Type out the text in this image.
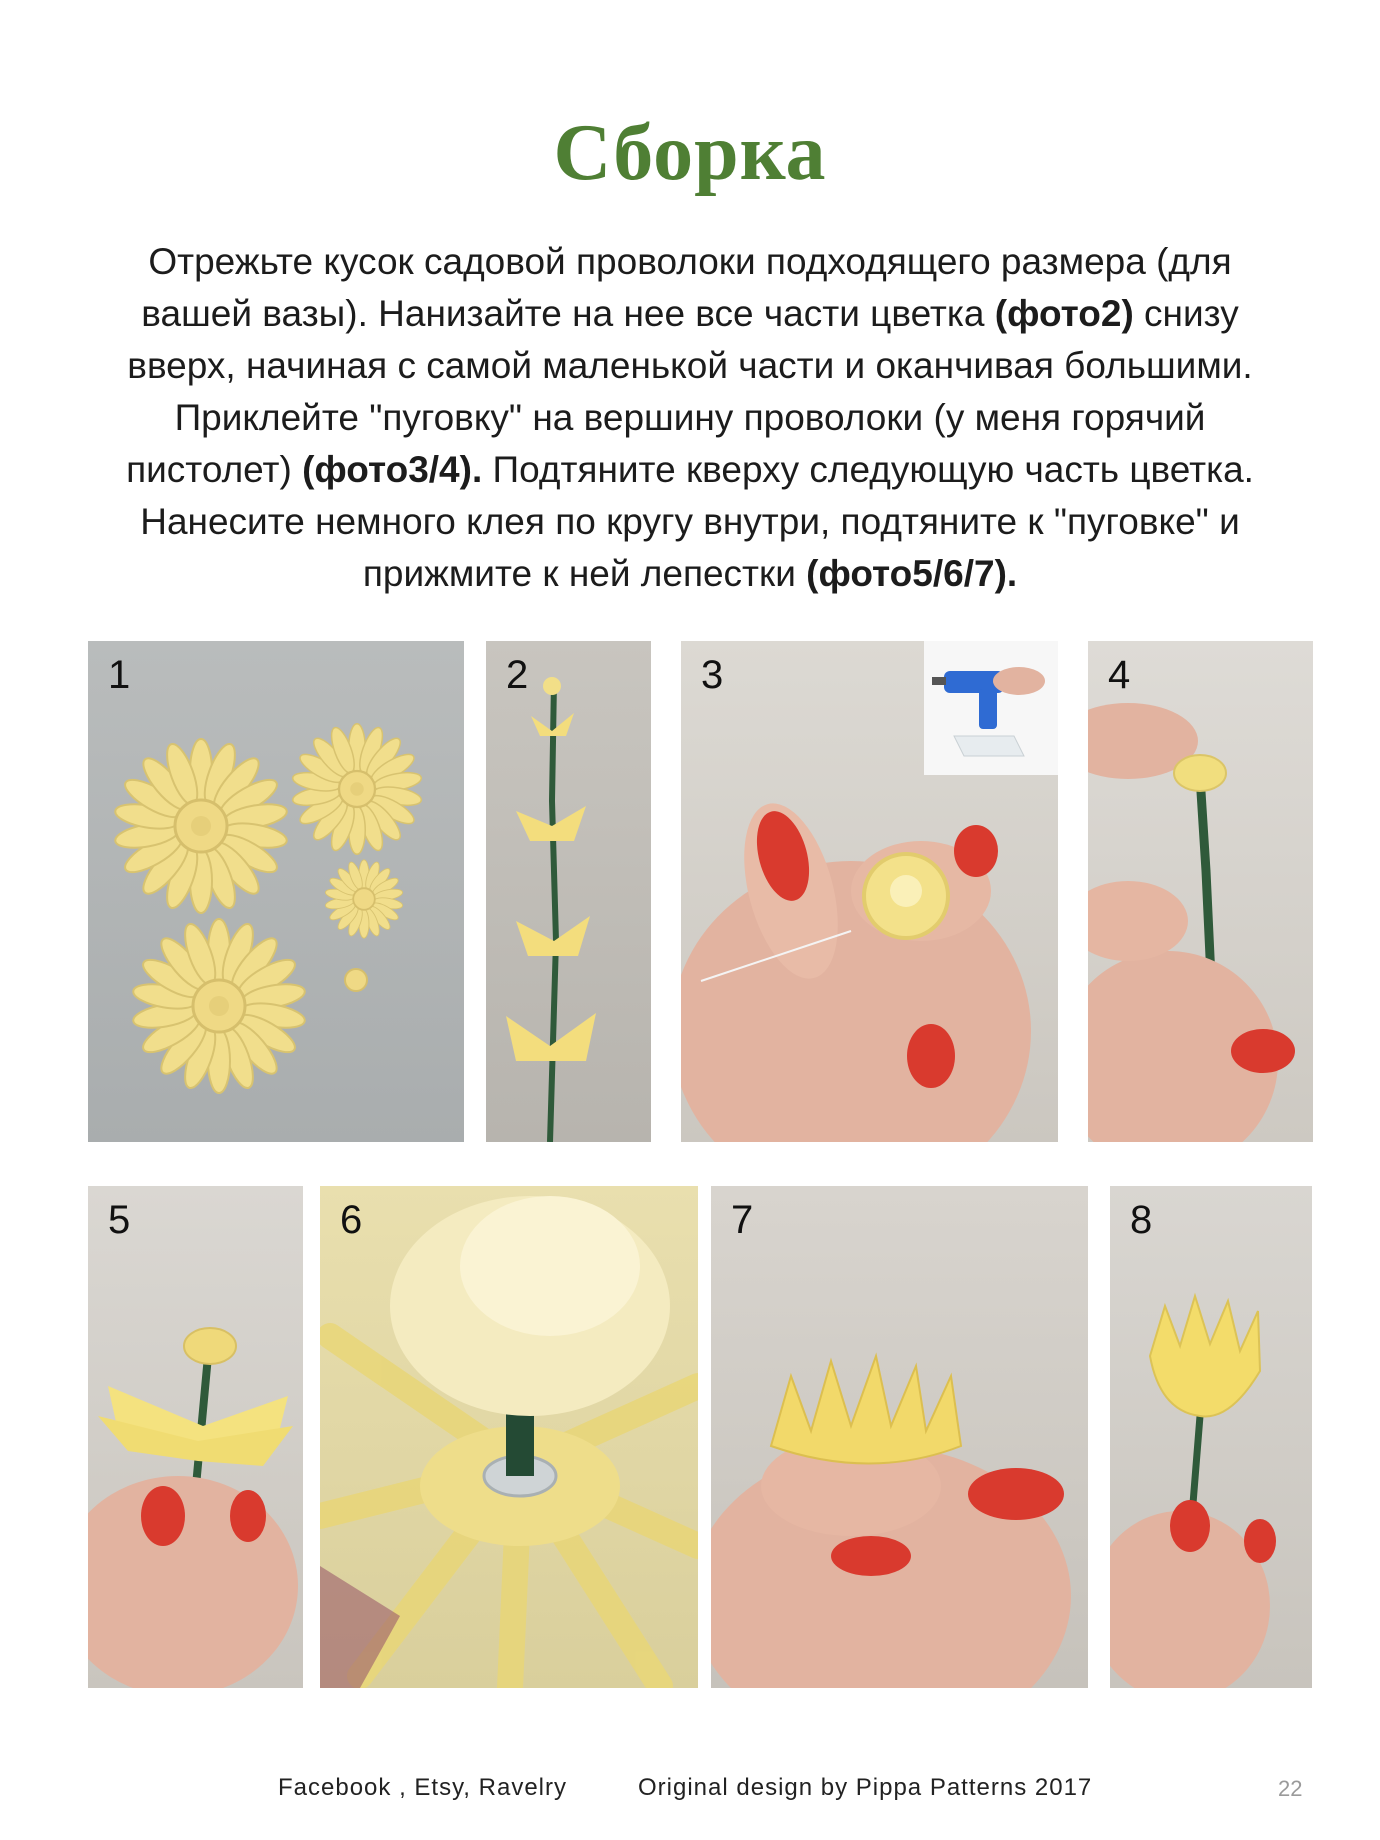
Сборка

Отрежьте кусок садовой проволоки подходящего размера (для вашей вазы). Нанизайте на нее все части цветка (фото2) снизу вверх, начиная с самой маленькой части и оканчивая большими. Приклейте "пуговку" на вершину проволоки (у меня горячий пистолет) (фото3/4). Подтяните кверху следующую часть цветка. Нанесите немного клея по кругу внутри, подтяните к "пуговке" и прижмите к ней лепестки (фото5/6/7).

1	2	3	4
5	6	7	8
Facebook , Etsy, Ravelry	Original design by Pippa Patterns 2017	22
